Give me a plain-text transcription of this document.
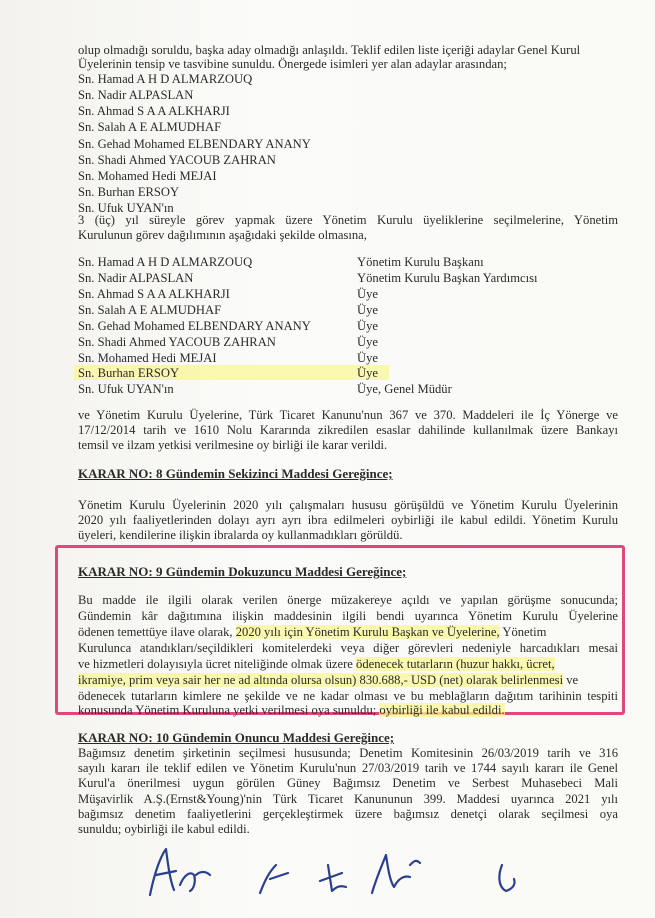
olup olmadığı soruldu, başka aday olmadığı anlaşıldı. Teklif edilen liste içeriği adaylar Genel Kurul
Üyelerinin tensip ve tasvibine sunuldu. Önergede isimleri yer alan adaylar arasından;
Sn. Hamad A H D ALMARZOUQ
Sn. Nadir ALPASLAN
Sn. Ahmad S A A ALKHARJI
Sn. Salah A E ALMUDHAF
Sn. Gehad Mohamed ELBENDARY ANANY
Sn. Shadi Ahmed YACOUB ZAHRAN
Sn. Mohamed Hedi MEJAI
Sn. Burhan ERSOY
Sn. Ufuk UYAN'ın
3 (üç) yıl süreyle görev yapmak üzere Yönetim Kurulu üyeliklerine seçilmelerine, Yönetim
Kurulunun görev dağılımının aşağıdaki şekilde olmasına,
Sn. Hamad A H D ALMARZOUQ	Yönetim Kurulu Başkanı
Sn. Nadir ALPASLAN	Yönetim Kurulu Başkan Yardımcısı
Sn. Ahmad S A A ALKHARJI	Üye
Sn. Salah A E ALMUDHAF	Üye
Sn. Gehad Mohamed ELBENDARY ANANY	Üye
Sn. Shadi Ahmed YACOUB ZAHRAN	Üye
Sn. Mohamed Hedi MEJAI	Üye
Sn. Burhan ERSOY	Üye
Sn. Ufuk UYAN'ın	Üye, Genel Müdür
ve Yönetim Kurulu Üyelerine, Türk Ticaret Kanunu'nun 367 ve 370. Maddeleri ile İç Yönerge ve
17/12/2014 tarih ve 1610 Nolu Kararında zikredilen esaslar dahilinde kullanılmak üzere Bankayı
temsil ve ilzam yetkisi verilmesine oy birliği ile karar verildi.
KARAR NO: 8 Gündemin Sekizinci Maddesi Gereğince;
Yönetim Kurulu Üyelerinin 2020 yılı çalışmaları hususu görüşüldü ve Yönetim Kurulu Üyelerinin
2020 yılı faaliyetlerinden dolayı ayrı ayrı ibra edilmeleri oybirliği ile kabul edildi. Yönetim Kurulu
üyeleri, kendilerine ilişkin ibralarda oy kullanmadıkları görüldü.
KARAR NO: 9 Gündemin Dokuzuncu Maddesi Gereğince;
Bu madde ile ilgili olarak verilen önerge müzakereye açıldı ve yapılan görüşme sonucunda;
Gündemin kâr dağıtımına ilişkin maddesinin ilgili bendi uyarınca Yönetim Kurulu Üyelerine
ödenen temettüye ilave olarak, 2020 yılı için Yönetim Kurulu Başkan ve Üyelerine, Yönetim
Kurulunca atandıkları/seçildikleri komitelerdeki veya diğer görevleri nedeniyle harcadıkları mesai
ve hizmetleri dolayısıyla ücret niteliğinde olmak üzere ödenecek tutarların (huzur hakkı, ücret,
ikramiye, prim veya sair her ne ad altında olursa olsun) 830.688,- USD (net) olarak belirlenmesi ve
ödenecek tutarların kimlere ne şekilde ve ne kadar olması ve bu meblağların dağıtım tarihinin tespiti
konusunda Yönetim Kuruluna yetki verilmesi oya sunuldu; oybirliği ile kabul edildi.
KARAR NO: 10 Gündemin Onuncu Maddesi Gereğince;
Bağımsız denetim şirketinin seçilmesi hususunda; Denetim Komitesinin 26/03/2019 tarih ve 316
sayılı kararı ile teklif edilen ve Yönetim Kurulu'nun 27/03/2019 tarih ve 1744 sayılı kararı ile Genel
Kurul'a önerilmesi uygun görülen Güney Bağımsız Denetim ve Serbest Muhasebeci Mali
Müşavirlik A.Ş.(Ernst&Young)'nin Türk Ticaret Kanununun 399. Maddesi uyarınca 2021 yılı
bağımsız denetim faaliyetlerini gerçekleştirmek üzere bağımsız denetçi olarak seçilmesi oya
sunuldu; oybirliği ile kabul edildi.
